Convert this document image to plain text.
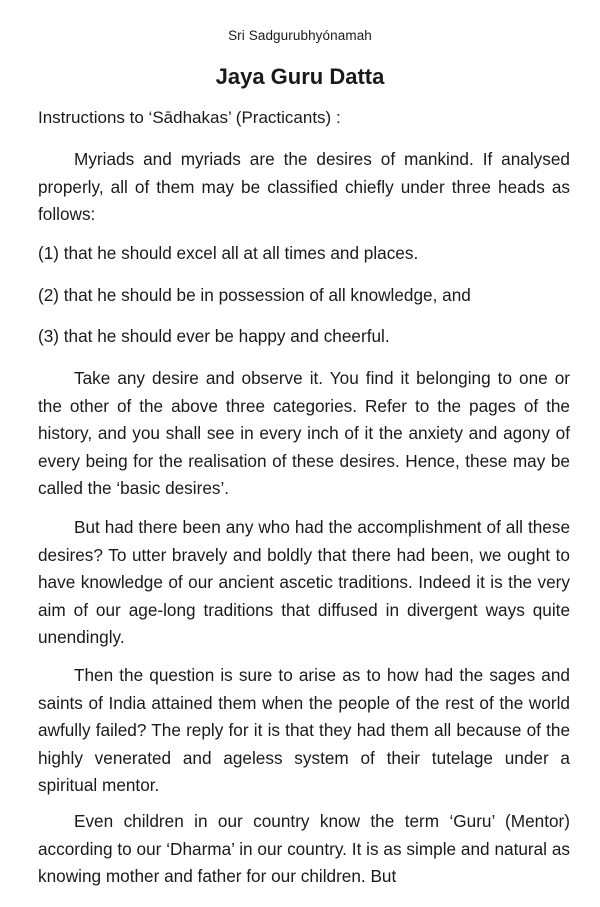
Sri Sadgurubhyónamah
Jaya Guru Datta
Instructions to ‘Sādhakas’ (Practicants) :
Myriads and myriads are the desires of mankind. If analysed properly, all of them may be classified chiefly under three heads as follows:
(1) that he should excel all at all times and places.
(2) that he should be in possession of all knowledge, and
(3) that he should ever be happy and cheerful.
Take any desire and observe it. You find it belonging to one or the other of the above three categories. Refer to the pages of the history, and you shall see in every inch of it the anxiety and agony of every being for the realisation of these desires. Hence, these may be called the ‘basic desires’.
But had there been any who had the accomplishment of all these desires? To utter bravely and boldly that there had been, we ought to have knowledge of our ancient ascetic traditions. Indeed it is the very aim of our age-long traditions that diffused in divergent ways quite unendingly.
Then the question is sure to arise as to how had the sages and saints of India attained them when the people of the rest of the world awfully failed? The reply for it is that they had them all because of the highly venerated and ageless system of their tutelage under a spiritual mentor.
Even children in our country know the term ‘Guru’ (Mentor) according to our ‘Dharma’ in our country. It is as simple and natural as knowing mother and father for our children. But
